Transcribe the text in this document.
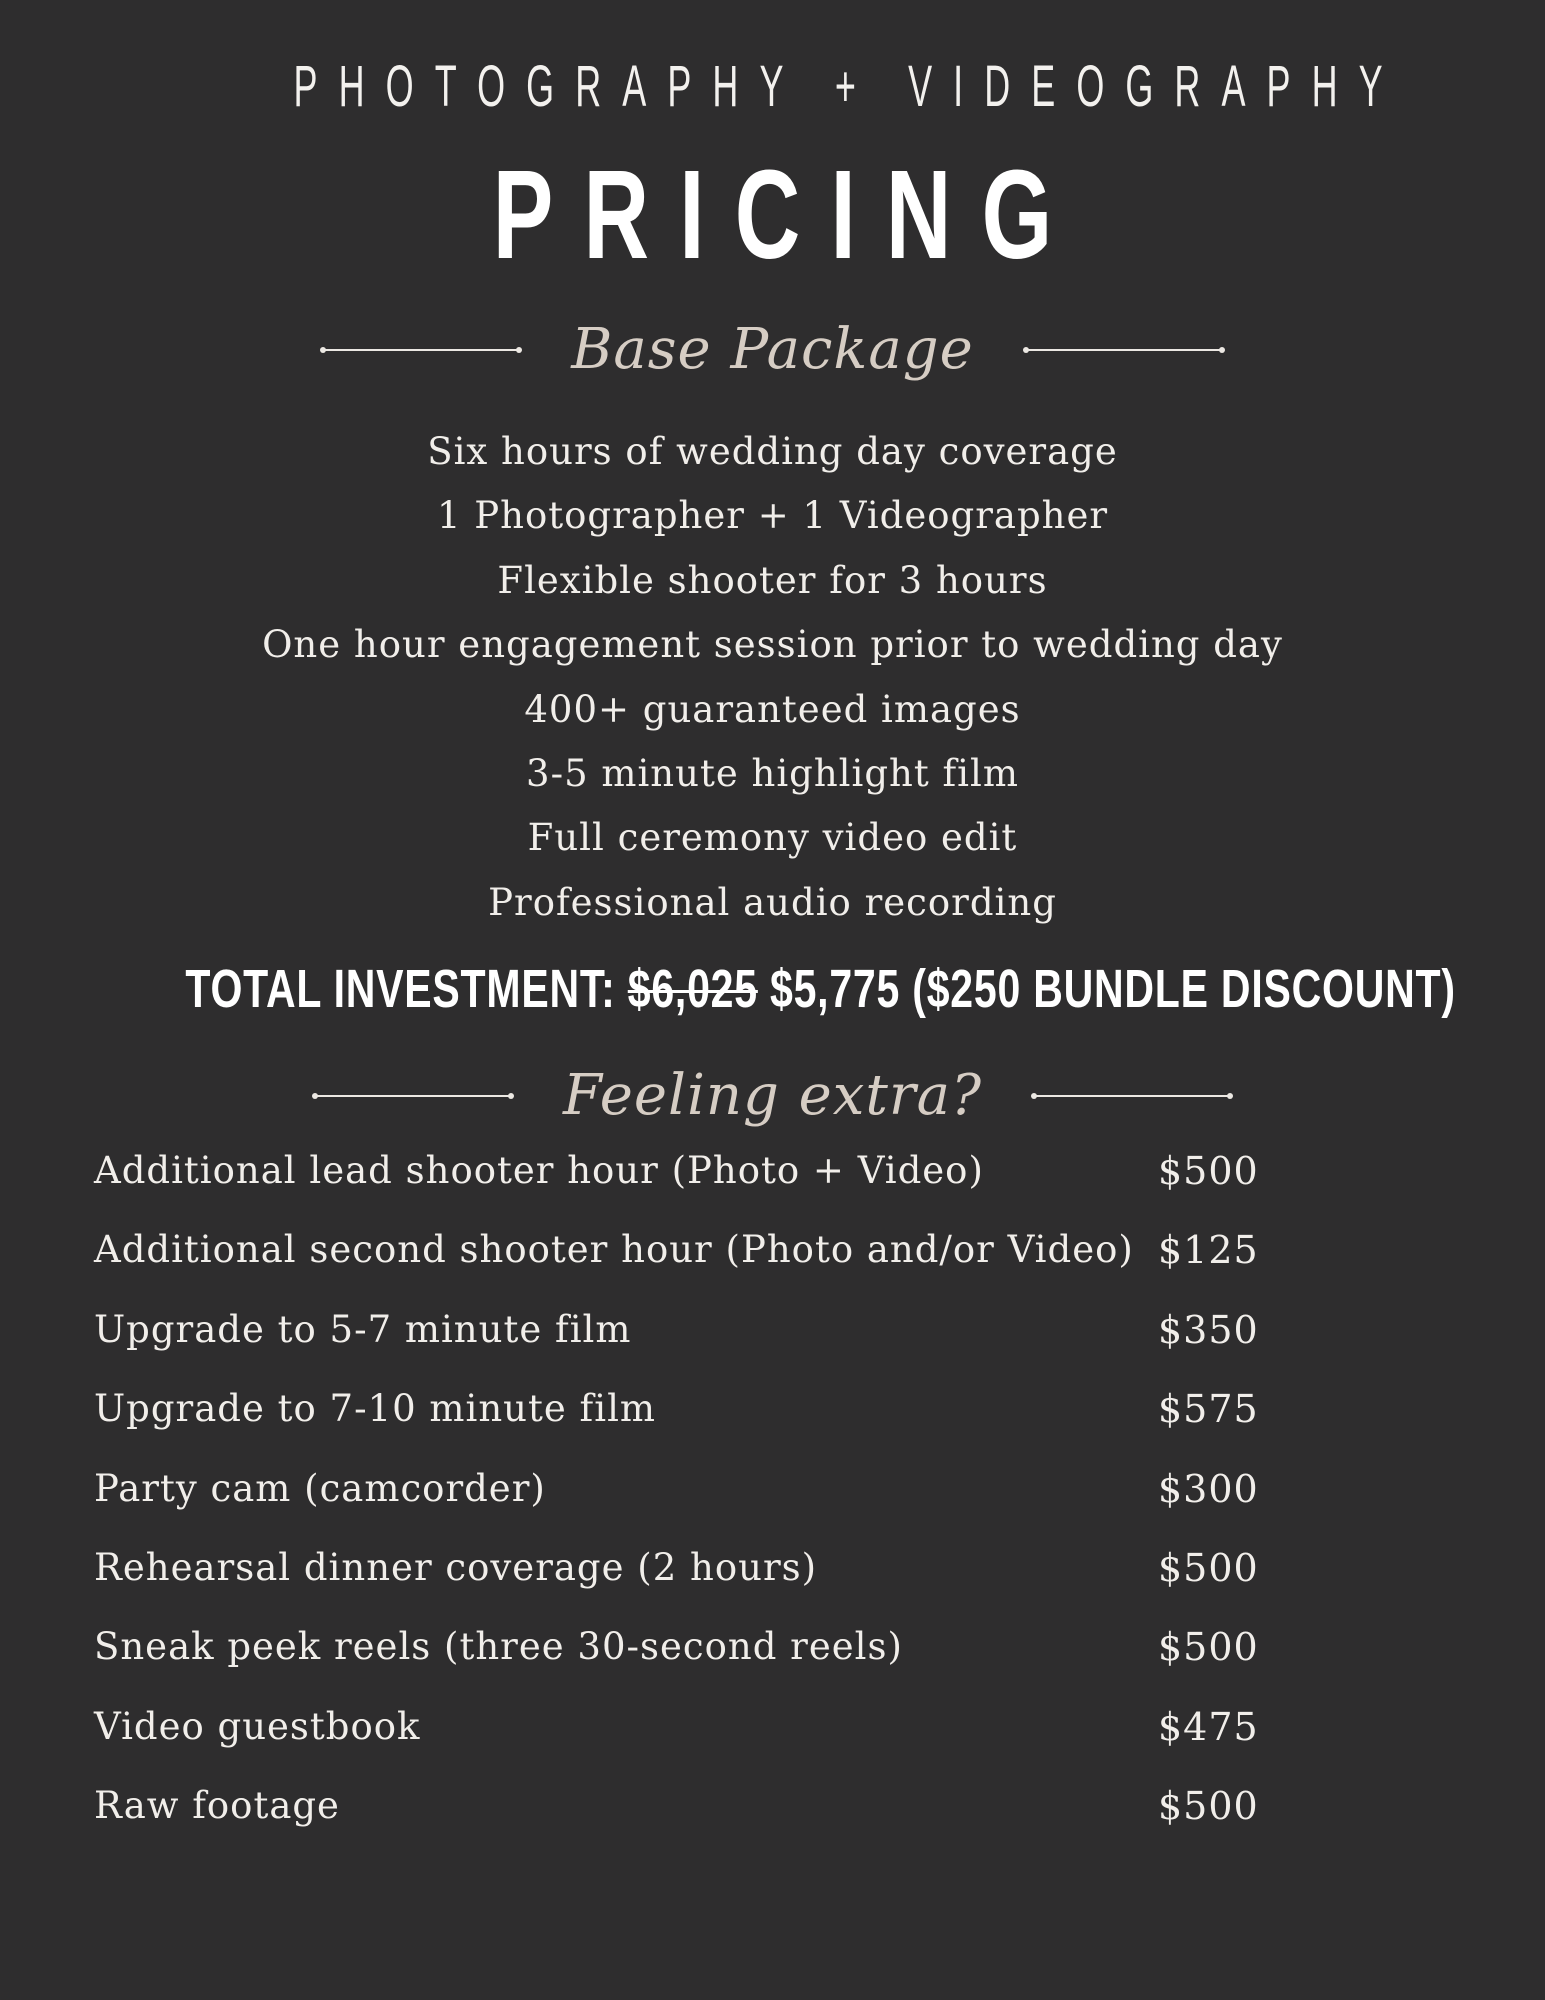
PHOTOGRAPHY + VIDEOGRAPHY
PRICING
Base Package
Six hours of wedding day coverage
1 Photographer + 1 Videographer
Flexible shooter for 3 hours
One hour engagement session prior to wedding day
400+ guaranteed images
3-5 minute highlight film
Full ceremony video edit
Professional audio recording
TOTAL INVESTMENT: $6,025 $5,775 ($250 BUNDLE DISCOUNT)
Feeling extra?
Additional lead shooter hour (Photo + Video)	$500
Additional second shooter hour (Photo and/or Video) $125
Upgrade to 5-7 minute film	$350
Upgrade to 7-10 minute film	$575
Party cam (camcorder)	$300
Rehearsal dinner coverage (2 hours)	$500
Sneak peek reels (three 30-second reels)	$500
Video guestbook	$475
Raw footage	$500
